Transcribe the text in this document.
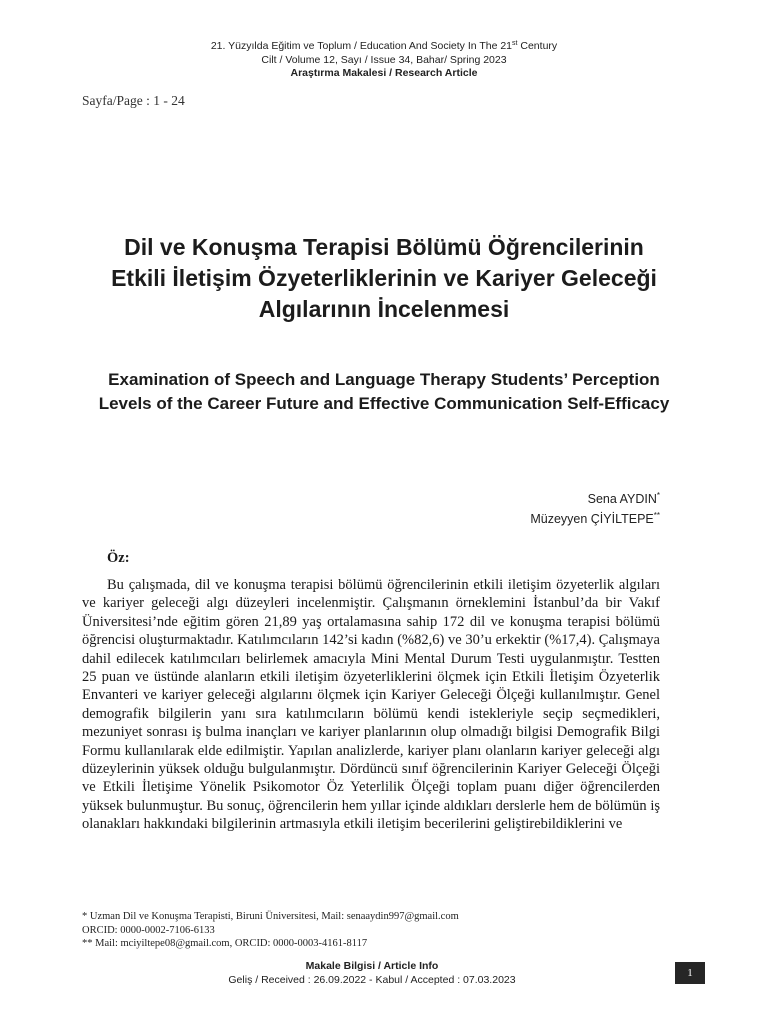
21. Yüzyılda Eğitim ve Toplum / Education And Society In The 21st Century
Cilt / Volume 12, Sayı / Issue 34, Bahar/ Spring 2023
Araştırma Makalesi / Research Article
Sayfa/Page : 1 - 24
Dil ve Konuşma Terapisi Bölümü Öğrencilerinin
Etkili İletişim Özyeterliklerinin ve Kariyer Geleceği
Algılarının İncelenmesi
Examination of Speech and Language Therapy Students’ Perception
Levels of the Career Future and Effective Communication Self-Efficacy
Sena AYDIN*
Müzeyyen ÇİYİLTEPE**
Öz:
Bu çalışmada, dil ve konuşma terapisi bölümü öğrencilerinin etkili iletişim özyeterlik algıları ve kariyer geleceği algı düzeyleri incelenmiştir. Çalışmanın örneklemini İstanbul’da bir Vakıf Üniversitesi’nde eğitim gören 21,89 yaş ortalamasına sahip 172 dil ve konuşma terapisi bölümü öğrencisi oluşturmaktadır. Katılımcıların 142’si kadın (%82,6) ve 30’u erkektir (%17,4). Çalışmaya dahil edilecek katılımcıları belirlemek amacıyla Mini Mental Durum Testi uygulanmıştır. Testten 25 puan ve üstünde alanların etkili iletişim özyeterliklerini ölçmek için Etkili İletişim Özyeterlik Envanteri ve kariyer geleceği algılarını ölçmek için Kariyer Geleceği Ölçeği kullanılmıştır. Genel demografik bilgilerin yanı sıra katılımcıların bölümü kendi istekleriyle seçip seçmedikleri, mezuniyet sonrası iş bulma inançları ve kariyer planlarının olup olmadığı bilgisi Demografik Bilgi Formu kullanılarak elde edilmiştir. Yapılan analizlerde, kariyer planı olanların kariyer geleceği algı düzeylerinin yüksek olduğu bulgulanmıştır. Dördüncü sınıf öğrencilerinin Kariyer Geleceği Ölçeği ve Etkili İletişime Yönelik Psikomotor Öz Yeterlilik Ölçeği toplam puanı diğer öğrencilerden yüksek bulunmuştur. Bu sonuç, öğrencilerin hem yıllar içinde aldıkları derslerle hem de bölümün iş olanakları hakkındaki bilgilerinin artmasıyla etkili iletişim becerilerini geliştirebildiklerini ve
* Uzman Dil ve Konuşma Terapisti, Biruni Üniversitesi, Mail: senaaydin997@gmail.com
ORCID: 0000-0002-7106-6133
** Mail: mciyiltepe08@gmail.com, ORCID: 0000-0003-4161-8117
Makale Bilgisi / Article Info
Geliş / Received : 26.09.2022 - Kabul / Accepted : 07.03.2023
1
